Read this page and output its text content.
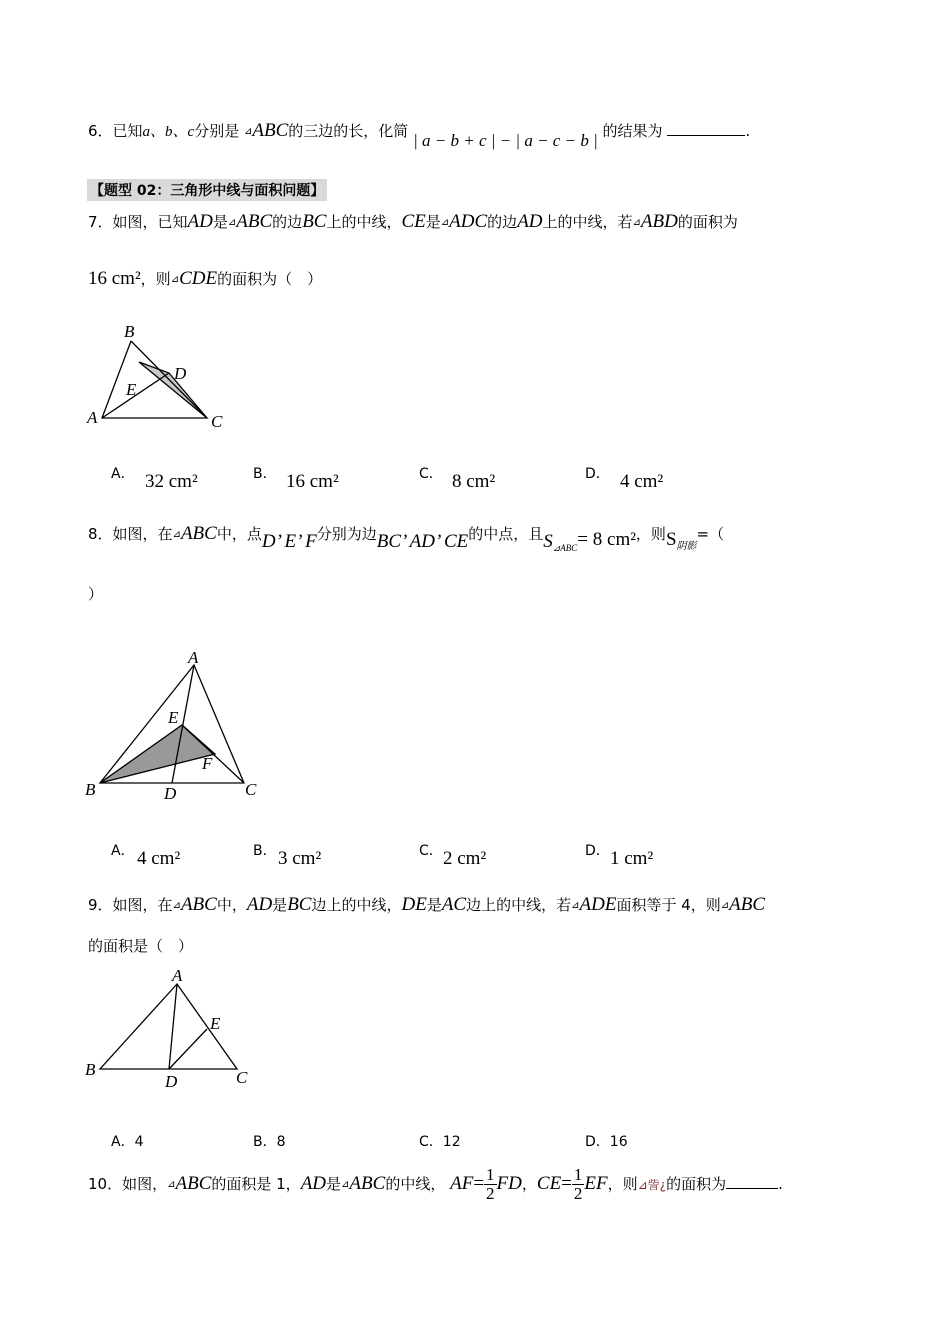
6．已知a、b、c分别是 ⊿ABC的三边的长，化简 | a − b + c | − | a − c − b | 的结果为	.
【题型 02：三角形中线与面积问题】
7．如图，已知AD是⊿ABC的边BC上的中线，CE是⊿ADC的边AD上的中线，若⊿ABD的面积为
16 cm²，则⊿CDE的面积为（　）
B
D
E
A	C
A． 32 cm²	B． 16 cm²	C． 8 cm²	D． 4 cm²
8．如图，在⊿ABC中，点D’ E’ F分别为边BC’ AD’ CE的中点，且$S_{⊿ABC}= 8$ cm²，则$S_{阴影}=$（
）
A
E
F
B	D	C
A． 4 cm²	B． 3 cm²	C． 2 cm²	D． 1 cm²
9．如图，在⊿ABC中，AD是BC边上的中线，DE是AC边上的中线，若⊿ADE面积等于 4，则⊿ABC
的面积是（　）
A
E
B
D	C
A．4	B．8	C．12	D．16
10．如图，⊿ABC的面积是 1，AD是⊿ABC的中线， $AF= \frac{1}{2}$ FD，$CE= \frac{1}{2}$ EF，则⊿訾¿的面积为	.
